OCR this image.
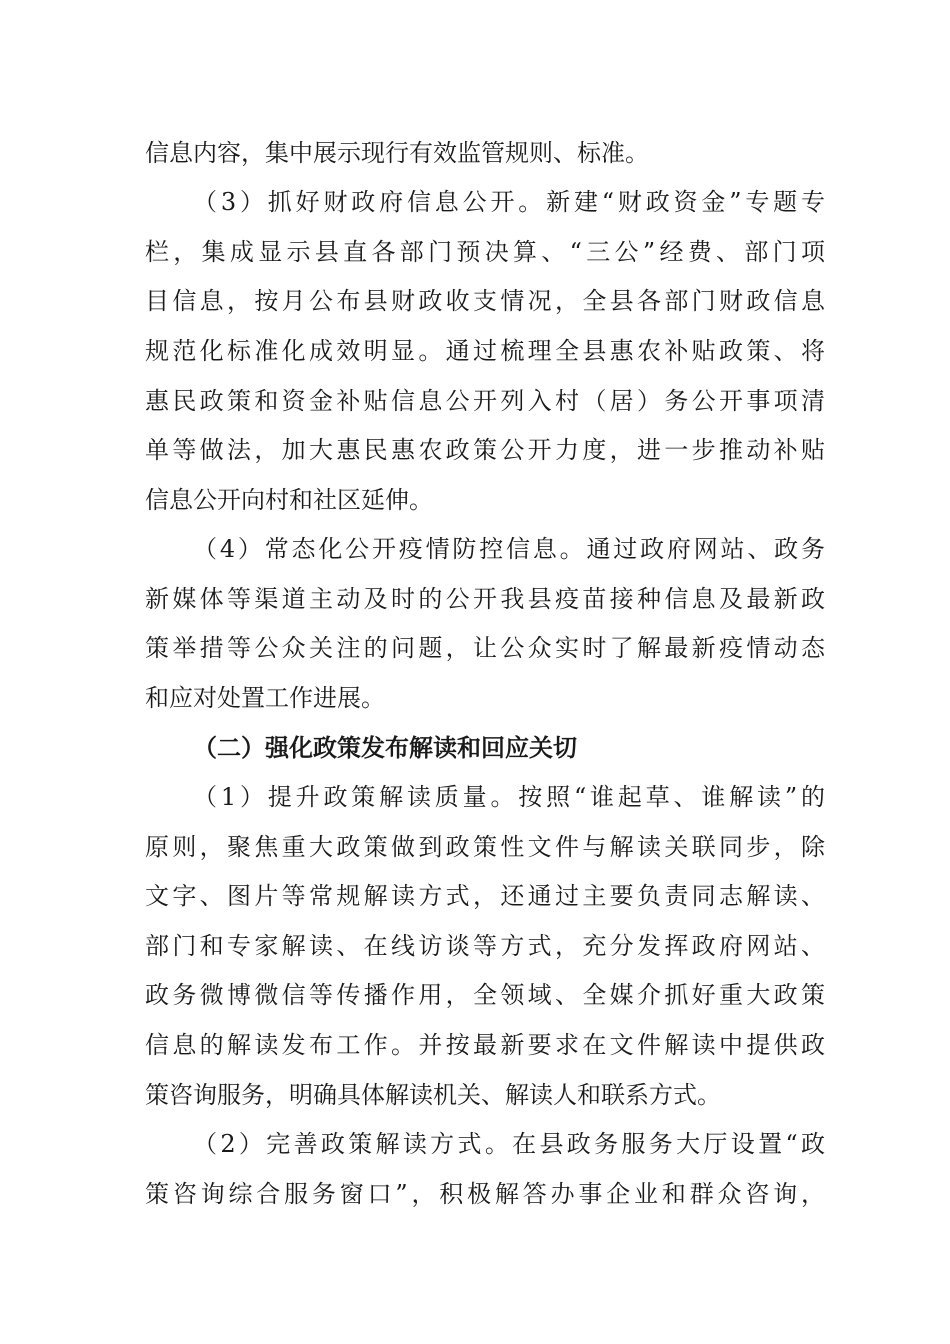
信息内容，集中展示现行有效监管规则、标准。
（3）抓好财政府信息公开。新建“财政资金”专题专
栏，集成显示县直各部门预决算、“三公”经费、部门项
目信息，按月公布县财政收支情况，全县各部门财政信息
规范化标准化成效明显。通过梳理全县惠农补贴政策、将
惠民政策和资金补贴信息公开列入村（居）务公开事项清
单等做法，加大惠民惠农政策公开力度，进一步推动补贴
信息公开向村和社区延伸。
（4）常态化公开疫情防控信息。通过政府网站、政务
新媒体等渠道主动及时的公开我县疫苗接种信息及最新政
策举措等公众关注的问题，让公众实时了解最新疫情动态
和应对处置工作进展。
（二）强化政策发布解读和回应关切
（1）提升政策解读质量。按照“谁起草、谁解读”的
原则，聚焦重大政策做到政策性文件与解读关联同步，除
文字、图片等常规解读方式，还通过主要负责同志解读、
部门和专家解读、在线访谈等方式，充分发挥政府网站、
政务微博微信等传播作用，全领域、全媒介抓好重大政策
信息的解读发布工作。并按最新要求在文件解读中提供政
策咨询服务，明确具体解读机关、解读人和联系方式。
（2）完善政策解读方式。在县政务服务大厅设置“政
策咨询综合服务窗口”，积极解答办事企业和群众咨询，
